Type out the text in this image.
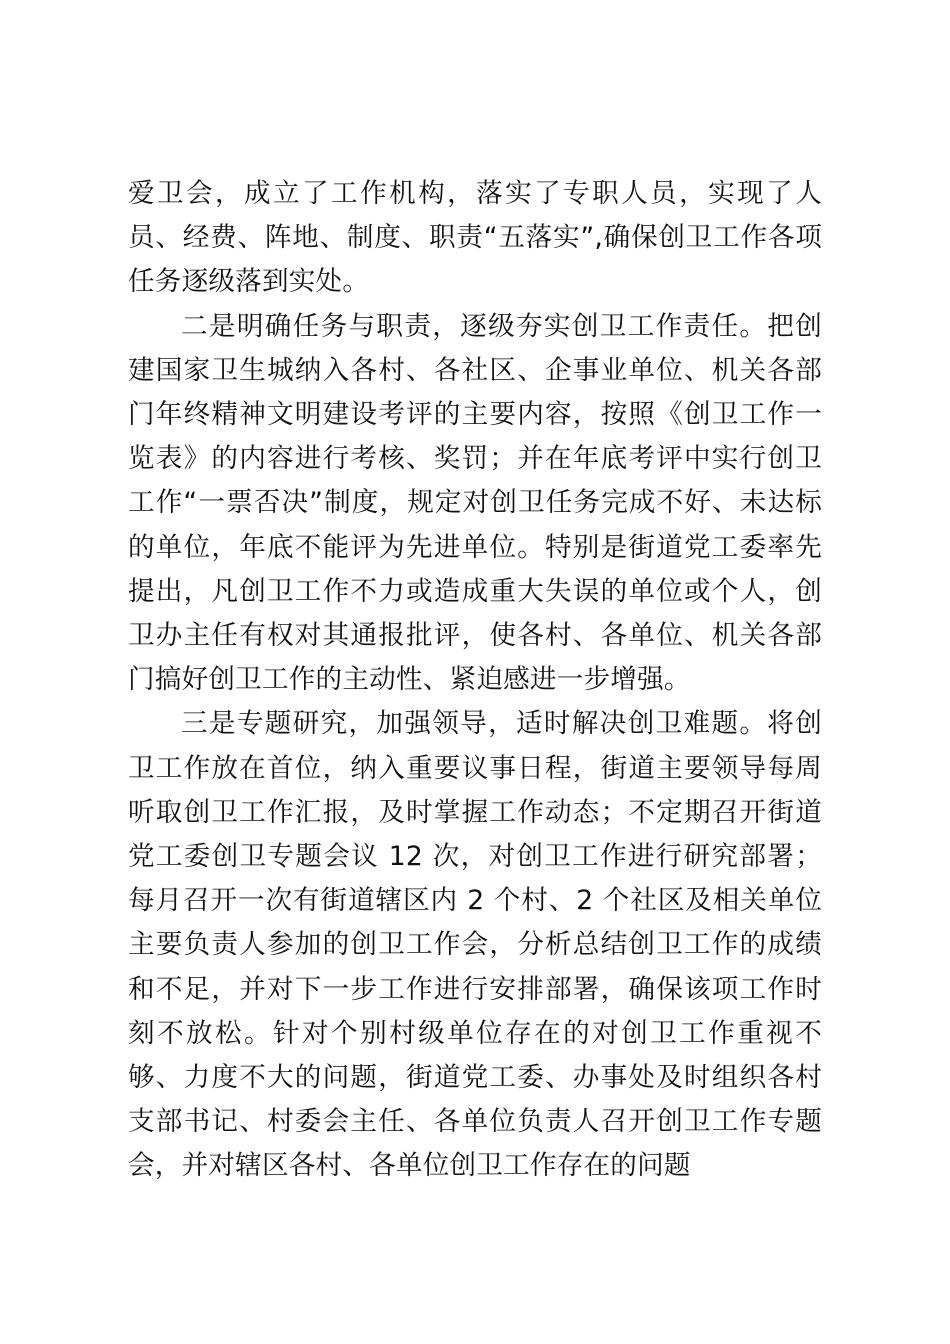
爱卫会，成立了工作机构，落实了专职人员，实现了人员、经费、阵地、制度、职责“五落实”,确保创卫工作各项任务逐级落到实处。

二是明确任务与职责，逐级夯实创卫工作责任。把创建国家卫生城纳入各村、各社区、企事业单位、机关各部门年终精神文明建设考评的主要内容，按照《创卫工作一览表》的内容进行考核、奖罚；并在年底考评中实行创卫工作“一票否决”制度，规定对创卫任务完成不好、未达标的单位，年底不能评为先进单位。特别是街道党工委率先提出，凡创卫工作不力或造成重大失误的单位或个人，创卫办主任有权对其通报批评，使各村、各单位、机关各部门搞好创卫工作的主动性、紧迫感进一步增强。

三是专题研究，加强领导，适时解决创卫难题。将创卫工作放在首位，纳入重要议事日程，街道主要领导每周听取创卫工作汇报，及时掌握工作动态；不定期召开街道党工委创卫专题会议 12 次，对创卫工作进行研究部署；每月召开一次有街道辖区内 2 个村、2 个社区及相关单位主要负责人参加的创卫工作会，分析总结创卫工作的成绩和不足，并对下一步工作进行安排部署，确保该项工作时刻不放松。针对个别村级单位存在的对创卫工作重视不够、力度不大的问题，街道党工委、办事处及时组织各村支部书记、村委会主任、各单位负责人召开创卫工作专题会，并对辖区各村、各单位创卫工作存在的问题
